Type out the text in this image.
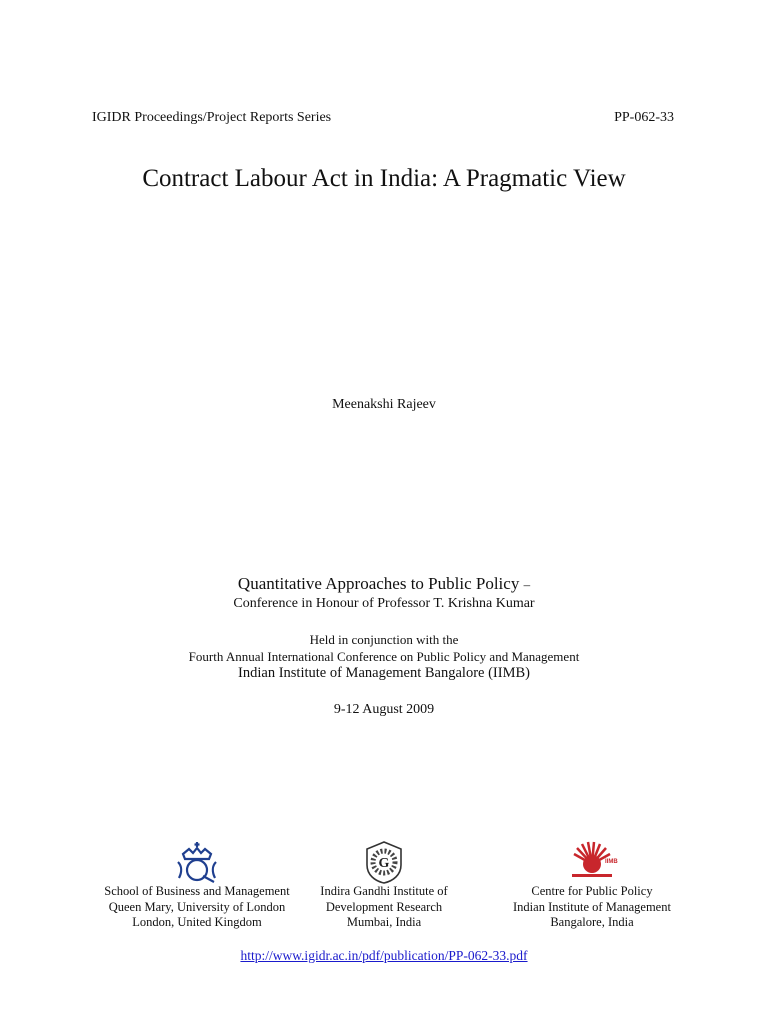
IGIDR Proceedings/Project Reports Series	PP-062-33
Contract Labour Act in India: A Pragmatic View
Meenakshi Rajeev
Quantitative Approaches to Public Policy –
Conference in Honour of Professor T. Krishna Kumar
Held in conjunction with the
Fourth Annual International Conference on Public Policy and Management
Indian Institute of Management Bangalore (IIMB)
9-12 August 2009
G	IIMB
School of Business and Management
Queen Mary, University of London
London, United Kingdom
Indira Gandhi Institute of
Development Research
Mumbai, India
Centre for Public Policy
Indian Institute of Management
Bangalore, India
http://www.igidr.ac.in/pdf/publication/PP-062-33.pdf
